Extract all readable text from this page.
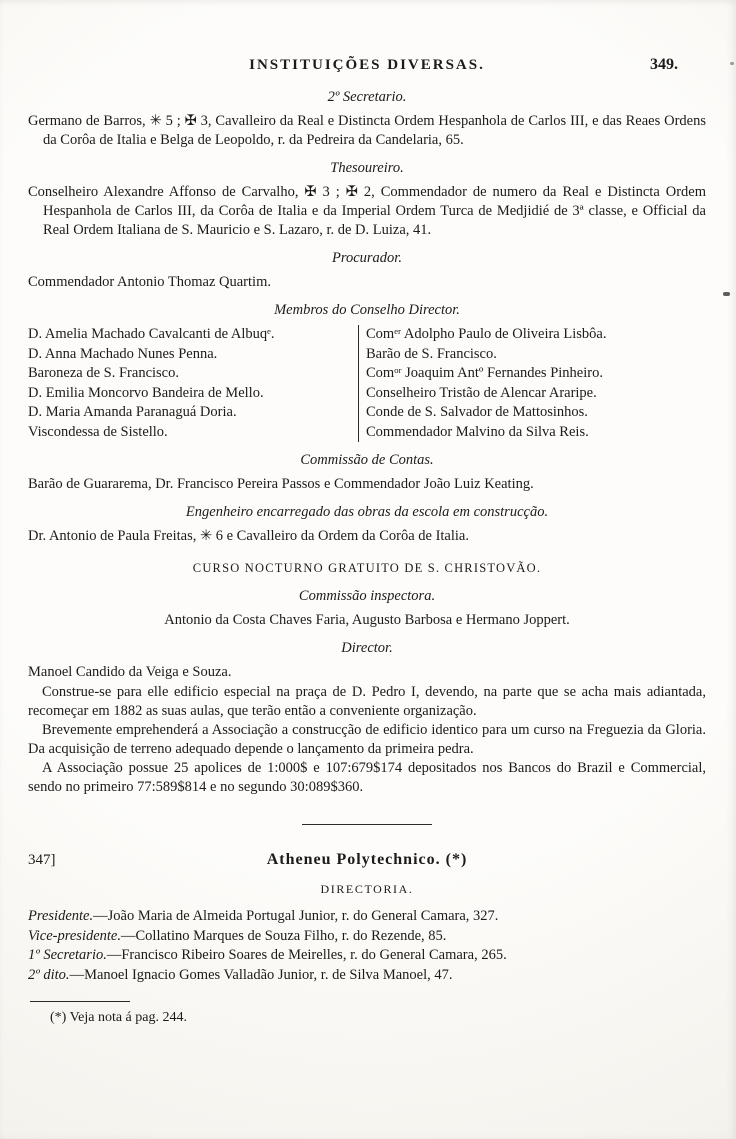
INSTITUIÇÕES DIVERSAS.	349.
2º Secretario.

Germano de Barros, ✳ 5 ; ✠ 3, Cavalleiro da Real e Distincta Ordem Hespanhola de Carlos III, e das Reaes Ordens da Corôa de Italia e Belga de Leopoldo, r. da Pedreira da Candelaria, 65.

Thesoureiro.

Conselheiro Alexandre Affonso de Carvalho, ✠ 3 ; ✠ 2, Commendador de numero da Real e Distincta Ordem Hespanhola de Carlos III, da Corôa de Italia e da Imperial Ordem Turca de Medjidié de 3ª classe, e Official da Real Ordem Italiana de S. Mauricio e S. Lazaro, r. de D. Luiza, 41.

Procurador.

Commendador Antonio Thomaz Quartim.

Membros do Conselho Director.
D. Amelia Machado Cavalcanti de Albuqᵉ.
D. Anna Machado Nunes Penna.
Baroneza de S. Francisco.
D. Emilia Moncorvo Bandeira de Mello.
D. Maria Amanda Paranaguá Doria.
Viscondessa de Sistello.
Comᵉʳ Adolpho Paulo de Oliveira Lisbôa.
Barão de S. Francisco.
Comᵒʳ Joaquim Antº Fernandes Pinheiro.
Conselheiro Tristão de Alencar Araripe.
Conde de S. Salvador de Mattosinhos.
Commendador Malvino da Silva Reis.
Commissão de Contas.

Barão de Guararema, Dr. Francisco Pereira Passos e Commendador João Luiz Keating.

Engenheiro encarregado das obras da escola em construcção.

Dr. Antonio de Paula Freitas, ✳ 6 e Cavalleiro da Ordem da Corôa de Italia.

CURSO NOCTURNO GRATUITO DE S. CHRISTOVÃO.
Commissão inspectora.

Antonio da Costa Chaves Faria, Augusto Barbosa e Hermano Joppert.

Director.

Manoel Candido da Veiga e Souza.

Construe-se para elle edificio especial na praça de D. Pedro I, devendo, na parte que se acha mais adiantada, recomeçar em 1882 as suas aulas, que terão então a conveniente organização.

Brevemente emprehenderá a Associação a construcção de edificio identico para um curso na Freguezia da Gloria. Da acquisição de terreno adequado depende o lançamento da primeira pedra.

A Associação possue 25 apolices de 1:000$ e 107:679$174 depositados nos Bancos do Brazil e Commercial, sendo no primeiro 77:589$814 e no segundo 30:089$360.

347]	Atheneu Polytechnico. (*)
DIRECTORIA.

Presidente.—João Maria de Almeida Portugal Junior, r. do General Camara, 327.

Vice-presidente.—Collatino Marques de Souza Filho, r. do Rezende, 85.

1º Secretario.—Francisco Ribeiro Soares de Meirelles, r. do General Camara, 265.

2º dito.—Manoel Ignacio Gomes Valladão Junior, r. de Silva Manoel, 47.

(*) Veja nota á pag. 244.
